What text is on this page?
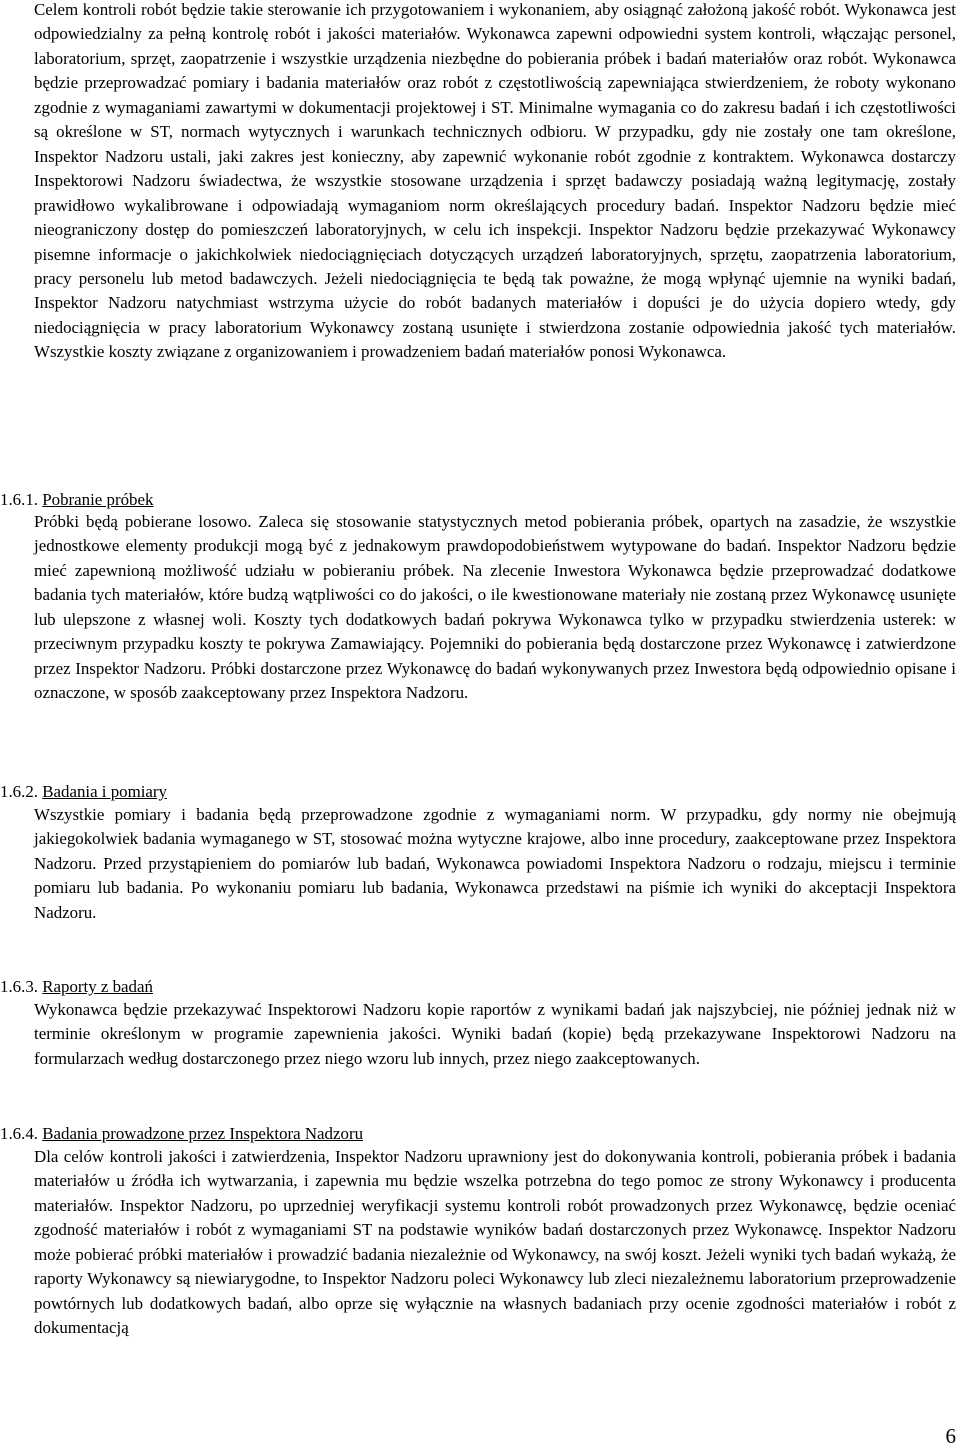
Celem kontroli robót będzie takie sterowanie ich przygotowaniem i wykonaniem, aby osiągnąć założoną jakość robót. Wykonawca jest odpowiedzialny za pełną kontrolę robót i jakości materiałów. Wykonawca zapewni odpowiedni system kontroli, włączając personel, laboratorium, sprzęt, zaopatrzenie i wszystkie urządzenia niezbędne do pobierania próbek i badań materiałów oraz robót. Wykonawca będzie przeprowadzać pomiary i badania materiałów oraz robót z częstotliwością zapewniająca stwierdzeniem, że roboty wykonano zgodnie z wymaganiami zawartymi w dokumentacji projektowej i ST. Minimalne wymagania co do zakresu badań i ich częstotliwości są określone w ST, normach wytycznych i warunkach technicznych odbioru. W przypadku, gdy nie zostały one tam określone, Inspektor Nadzoru ustali, jaki zakres jest konieczny, aby zapewnić wykonanie robót zgodnie z kontraktem. Wykonawca dostarczy Inspektorowi Nadzoru świadectwa, że wszystkie stosowane urządzenia i sprzęt badawczy posiadają ważną legitymację, zostały prawidłowo wykalibrowane i odpowiadają wymaganiom norm określających procedury badań. Inspektor Nadzoru będzie mieć nieograniczony dostęp do pomieszczeń laboratoryjnych, w celu ich inspekcji. Inspektor Nadzoru będzie przekazywać Wykonawcy pisemne informacje o jakichkolwiek niedociągnięciach dotyczących urządzeń laboratoryjnych, sprzętu, zaopatrzenia laboratorium, pracy personelu lub metod badawczych. Jeżeli niedociągnięcia te będą tak poważne, że mogą wpłynąć ujemnie na wyniki badań, Inspektor Nadzoru natychmiast wstrzyma użycie do robót badanych materiałów i dopuści je do użycia dopiero wtedy, gdy niedociągnięcia w pracy laboratorium Wykonawcy zostaną usunięte i stwierdzona zostanie odpowiednia jakość tych materiałów. Wszystkie koszty związane z organizowaniem i prowadzeniem badań materiałów ponosi Wykonawca.

1.6.1. Pobranie próbek

Próbki będą pobierane losowo. Zaleca się stosowanie statystycznych metod pobierania próbek, opartych na zasadzie, że wszystkie jednostkowe elementy produkcji mogą być z jednakowym prawdopodobieństwem wytypowane do badań. Inspektor Nadzoru będzie mieć zapewnioną możliwość udziału w pobieraniu próbek. Na zlecenie Inwestora Wykonawca będzie przeprowadzać dodatkowe badania tych materiałów, które budzą wątpliwości co do jakości, o ile kwestionowane materiały nie zostaną przez Wykonawcę usunięte lub ulepszone z własnej woli. Koszty tych dodatkowych badań pokrywa Wykonawca tylko w przypadku stwierdzenia usterek: w przeciwnym przypadku koszty te pokrywa Zamawiający. Pojemniki do pobierania będą dostarczone przez Wykonawcę i zatwierdzone przez Inspektor Nadzoru. Próbki dostarczone przez Wykonawcę do badań wykonywanych przez Inwestora będą odpowiednio opisane i oznaczone, w sposób zaakceptowany przez Inspektora Nadzoru.

1.6.2. Badania i pomiary

Wszystkie pomiary i badania będą przeprowadzone zgodnie z wymaganiami norm. W przypadku, gdy normy nie obejmują jakiegokolwiek badania wymaganego w ST, stosować można wytyczne krajowe, albo inne procedury, zaakceptowane przez Inspektora Nadzoru. Przed przystąpieniem do pomiarów lub badań, Wykonawca powiadomi Inspektora Nadzoru o rodzaju, miejscu i terminie pomiaru lub badania. Po wykonaniu pomiaru lub badania, Wykonawca przedstawi na piśmie ich wyniki do akceptacji Inspektora Nadzoru.

1.6.3. Raporty z badań

Wykonawca będzie przekazywać Inspektorowi Nadzoru kopie raportów z wynikami badań jak najszybciej, nie później jednak niż w terminie określonym w programie zapewnienia jakości. Wyniki badań (kopie) będą przekazywane Inspektorowi Nadzoru na formularzach według dostarczonego przez niego wzoru lub innych, przez niego zaakceptowanych.

1.6.4. Badania prowadzone przez Inspektora Nadzoru

Dla celów kontroli jakości i zatwierdzenia, Inspektor Nadzoru uprawniony jest do dokonywania kontroli, pobierania próbek i badania materiałów u źródła ich wytwarzania, i zapewnia mu będzie wszelka potrzebna do tego pomoc ze strony Wykonawcy i producenta materiałów. Inspektor Nadzoru, po uprzedniej weryfikacji systemu kontroli robót prowadzonych przez Wykonawcę, będzie oceniać zgodność materiałów i robót z wymaganiami ST na podstawie wyników badań dostarczonych przez Wykonawcę. Inspektor Nadzoru może pobierać próbki materiałów i prowadzić badania niezależnie od Wykonawcy, na swój koszt. Jeżeli wyniki tych badań wykażą, że raporty Wykonawcy są niewiarygodne, to Inspektor Nadzoru poleci Wykonawcy lub zleci niezależnemu laboratorium przeprowadzenie powtórnych lub dodatkowych badań, albo oprze się wyłącznie na własnych badaniach przy ocenie zgodności materiałów i robót z dokumentacją

6
